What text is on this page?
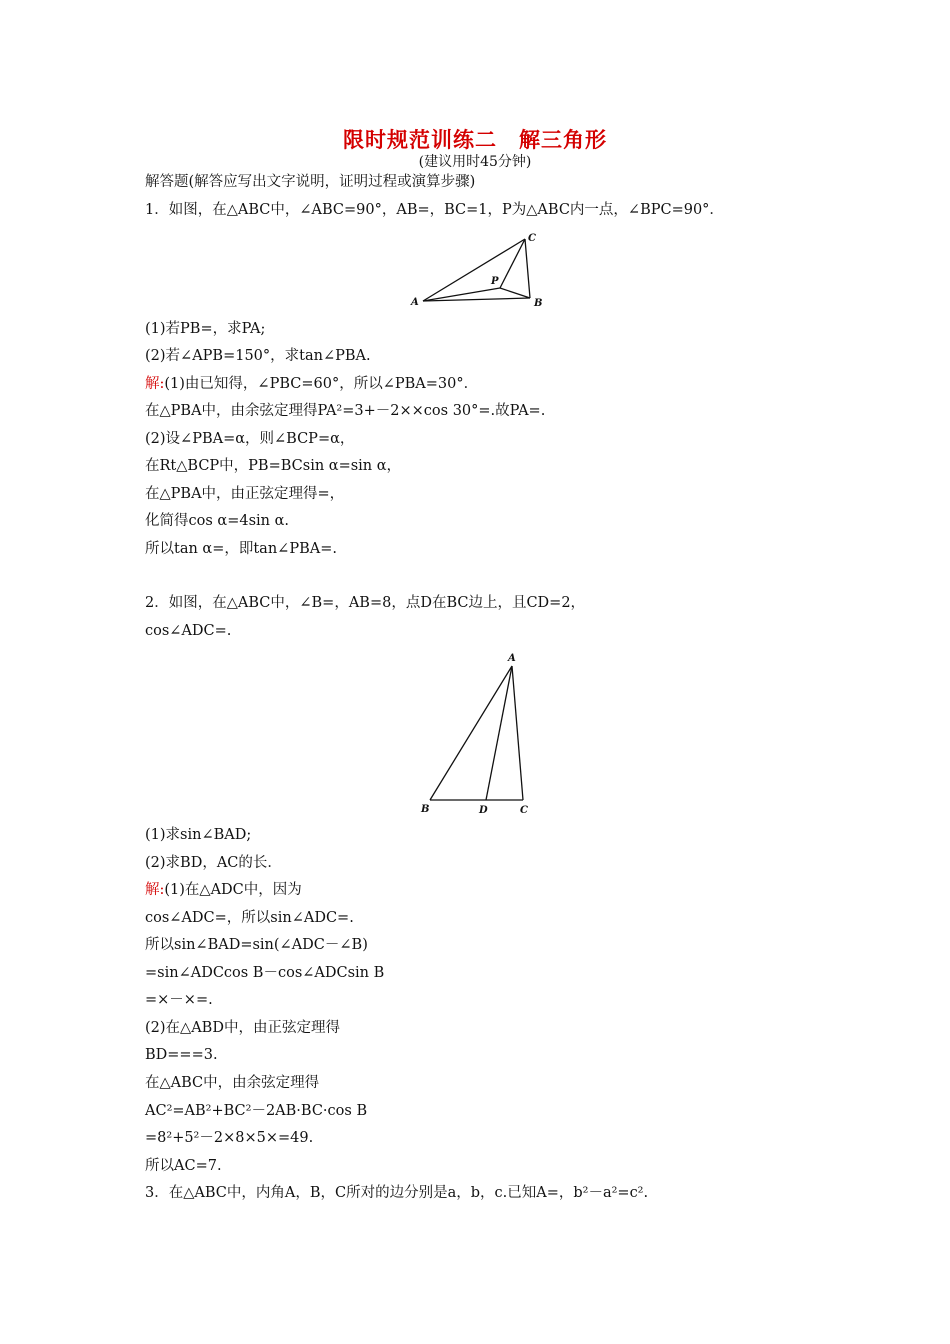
限时规范训练二　解三角形
(建议用时45分钟)
解答题(解答应写出文字说明，证明过程或演算步骤)
1．如图，在△ABC中，∠ABC=90°，AB=，BC=1，P为△ABC内一点，∠BPC=90°．
A	B
C
P
(1)若PB=，求PA;
(2)若∠APB=150°，求tan∠PBA.
解:(1)由已知得，∠PBC=60°，所以∠PBA=30°．
在△PBA中，由余弦定理得PA²=3+－2××cos 30°=.故PA=.
(2)设∠PBA=α，则∠BCP=α，
在Rt△BCP中，PB=BCsin α=sin α，
在△PBA中，由正弦定理得=，
化简得cos α=4sin α.
所以tan α=，即tan∠PBA=.
2．如图，在△ABC中，∠B=，AB=8，点D在BC边上，且CD=2，
cos∠ADC=.
A
B	C
D
(1)求sin∠BAD;
(2)求BD，AC的长．
解:(1)在△ADC中，因为
cos∠ADC=，所以sin∠ADC=.
所以sin∠BAD=sin(∠ADC－∠B)
=sin∠ADCcos B－cos∠ADCsin B
=×－×=.
(2)在△ABD中，由正弦定理得
BD===3.
在△ABC中，由余弦定理得
AC²=AB²+BC²－2AB·BC·cos B
=8²+5²－2×8×5×=49.
所以AC=7.
3．在△ABC中，内角A，B，C所对的边分别是a，b，c.已知A=，b²－a²=c².
